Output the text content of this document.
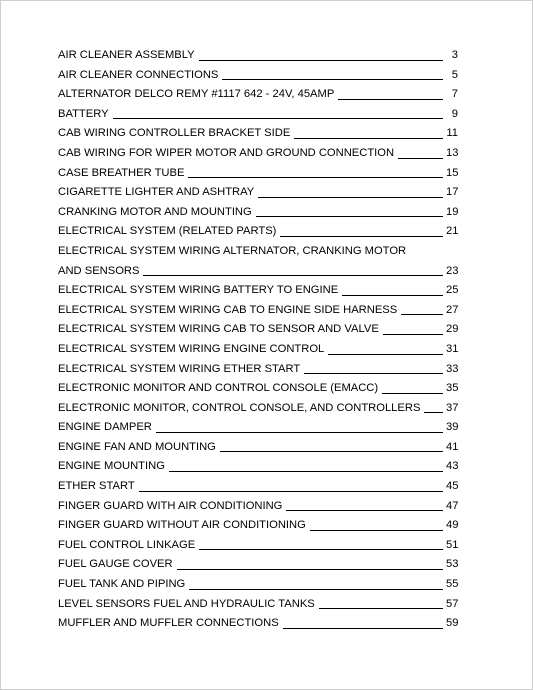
AIR CLEANER ASSEMBLY	3
AIR CLEANER CONNECTIONS	5
ALTERNATOR DELCO REMY #1117 642 - 24V, 45AMP	7
BATTERY	9
CAB WIRING CONTROLLER BRACKET SIDE	11
CAB WIRING FOR WIPER MOTOR AND GROUND CONNECTION	13
CASE BREATHER TUBE	15
CIGARETTE LIGHTER AND ASHTRAY	17
CRANKING MOTOR AND MOUNTING	19
ELECTRICAL SYSTEM (RELATED PARTS)	21
ELECTRICAL SYSTEM WIRING ALTERNATOR, CRANKING MOTOR
AND SENSORS	23
ELECTRICAL SYSTEM WIRING BATTERY TO ENGINE	25
ELECTRICAL SYSTEM WIRING CAB TO ENGINE SIDE HARNESS	27
ELECTRICAL SYSTEM WIRING CAB TO SENSOR AND VALVE	29
ELECTRICAL SYSTEM WIRING ENGINE CONTROL	31
ELECTRICAL SYSTEM WIRING ETHER START	33
ELECTRONIC MONITOR AND CONTROL CONSOLE (EMACC)	35
ELECTRONIC MONITOR, CONTROL CONSOLE, AND CONTROLLERS 37
ENGINE DAMPER	39
ENGINE FAN AND MOUNTING	41
ENGINE MOUNTING	43
ETHER START	45
FINGER GUARD WITH AIR CONDITIONING	47
FINGER GUARD WITHOUT AIR CONDITIONING	49
FUEL CONTROL LINKAGE	51
FUEL GAUGE COVER	53
FUEL TANK AND PIPING	55
LEVEL SENSORS FUEL AND HYDRAULIC TANKS	57
MUFFLER AND MUFFLER CONNECTIONS	59
